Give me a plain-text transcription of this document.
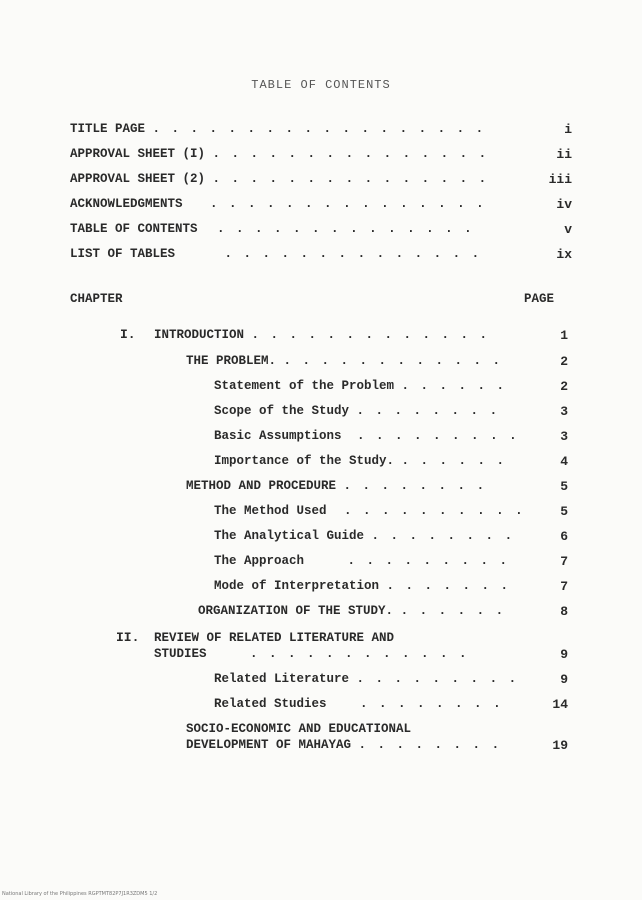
TABLE OF CONTENTS
TITLE PAGE . . . . . . . . . . . . . . . . . .	i
APPROVAL SHEET (I) . . . . . . . . . . . . . . .	ii
APPROVAL SHEET (2) . . . . . . . . . . . . . . .	iii
ACKNOWLEDGMENTS . . . . . . . . . . . . . . .	iv
TABLE OF CONTENTS . . . . . . . . . . . . . .	v
LIST OF TABLES	. . . . . . . . . . . . . .	ix
CHAPTER	PAGE
I. INTRODUCTION . . . . . . . . . . . . .	1
THE PROBLEM. . . . . . . . . . . . .	2
Statement of the Problem . . . . . .	2
Scope of the Study . . . . . . . .	3
Basic Assumptions . . . . . . . . .	3
Importance of the Study. . . . . . .	4
METHOD AND PROCEDURE . . . . . . . .	5
The Method Used . . . . . . . . . .	5
The Analytical Guide . . . . . . . .	6
The Approach	. . . . . . . . .	7
Mode of Interpretation . . . . . . .	7
ORGANIZATION OF THE STUDY. . . . . . .	8
II. REVIEW OF RELATED LITERATURE AND
STUDIES	. . . . . . . . . . . .	9
Related Literature . . . . . . . . .	9
Related Studies	. . . . . . . .	14
SOCIO-ECONOMIC AND EDUCATIONAL
DEVELOPMENT OF MAHAYAG . . . . . . . .	19
National Library of the Philippines RGPTMT82P7J1R3ZDM5 1/2
